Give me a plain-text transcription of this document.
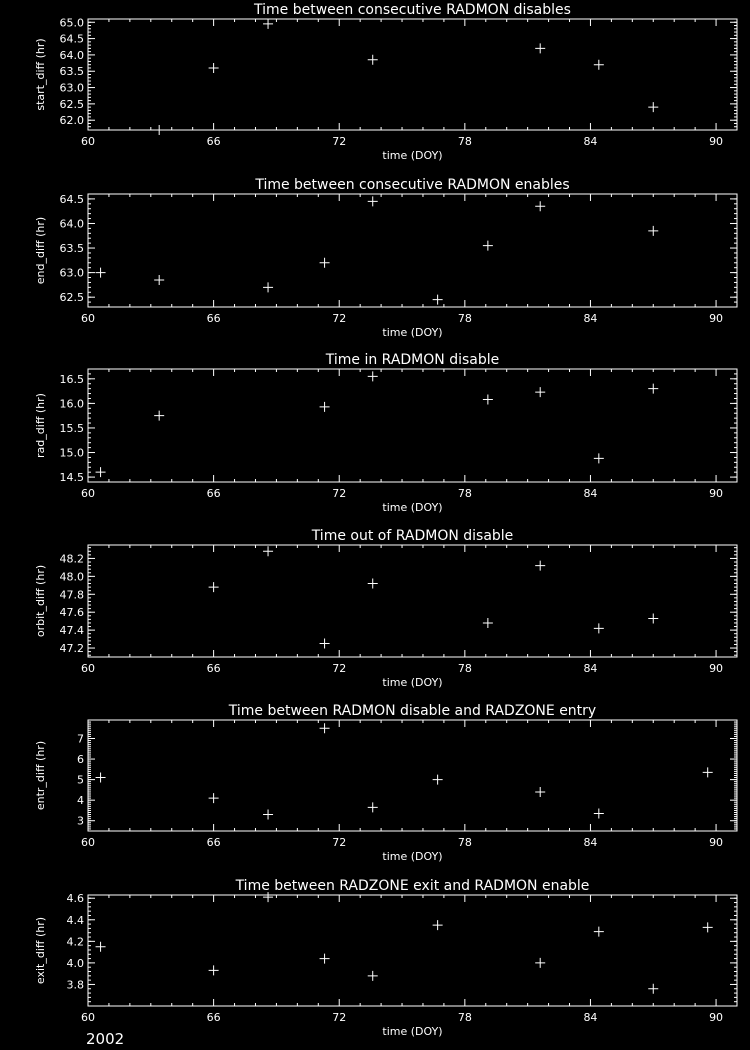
Time between consecutive RADMON disables
60	66	72	78	84	90
62.0
62.5
63.0
63.5
64.0
64.5
65.0
time (DOY)
start_diff (hr)
Time between consecutive RADMON enables
60	66	72	78	84	90
62.5
63.0
63.5
64.0
64.5
time (DOY)
end_diff (hr)
Time in RADMON disable
60	66	72	78	84	90
14.5
15.0
15.5
16.0
16.5
time (DOY)
rad_diff (hr)
Time out of RADMON disable
60	66	72	78	84	90
47.2
47.4
47.6
47.8
48.0
48.2
time (DOY)
orbit_diff (hr)
Time between RADMON disable and RADZONE entry
60	66	72	78	84	90
3
4
5
6
7
time (DOY)
entr_diff (hr)
Time between RADZONE exit and RADMON enable
60	66	72	78	84	90
3.8
4.0
4.2
4.4
4.6
time (DOY)
exit_diff (hr)
2002
